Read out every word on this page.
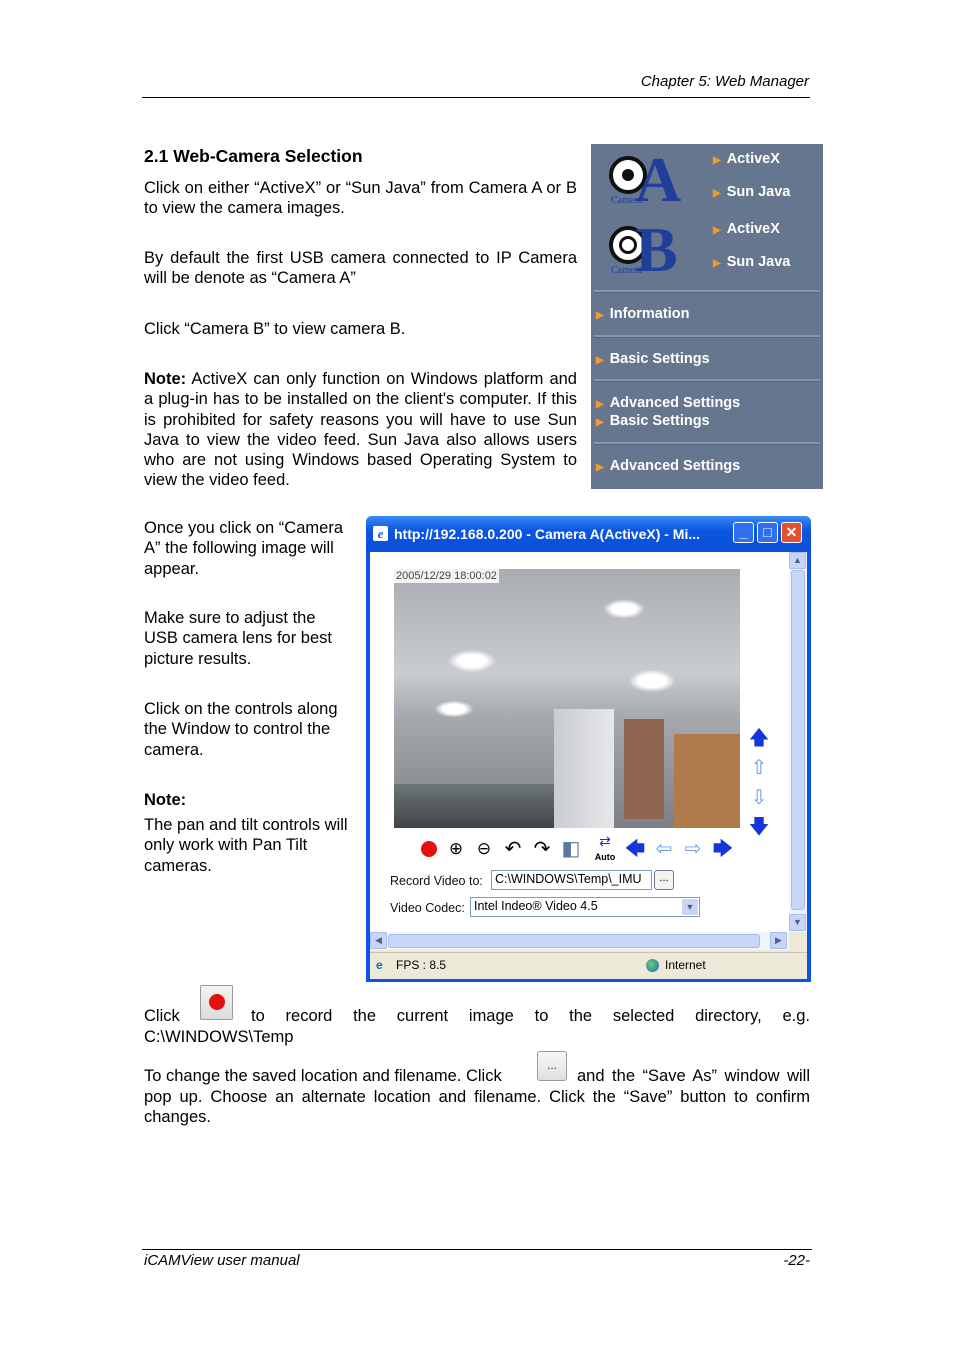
Chapter 5: Web Manager
2.1 Web-Camera Selection

Click on either “ActiveX” or “Sun Java” from Camera A or B to view the camera images.

By default the first USB camera connected to IP Camera will be denote as “Camera A”

Click “Camera B” to view camera B.

Note: ActiveX can only function on Windows platform and a plug-in has to be installed on the client's computer. If this is prohibited for safety reasons you will have to use Sun Java to view the video feed. Sun Java also allows users who are not using Windows based Operating System to view the video feed.

A
Camera
▶ ActiveX
▶ Sun Java
B
Camera
▶ ActiveX
▶ Sun Java
▶ Information
▶ Basic Settings
▶ Advanced Settings
▶ Basic Settings
▶ Advanced Settings

Once you click on “Camera A” the following image will appear.

Make sure to adjust the USB camera lens for best picture results.

Click on the controls along the Window to control the camera.

Note:

The pan and tilt controls will only work with Pan Tilt cameras.

e http://192.168.0.200 - Camera A(ActiveX) - Mi...	_	□ ✕
2005/12/29 18:00:02
🡅
⇧
⇩
🡇
⊕ ⊖ ↶ ↷ ◧	⇄
Auto 🡄 ⇦ ⇨ 🡆
Record Video to: C:\WINDOWS\Temp\_IMU	...
Video Codec: Intel Indeo® Video 4.5	▼
▲
▼
◀	▶
e FPS : 8.5	Internet
Click	to record the current image to the selected directory, e.g.
C:\WINDOWS\Temp
To change the saved location and filename. Click
...
and the “Save As” window will

pop up. Choose an alternate location and filename. Click the “Save” button to confirm changes.

iCAMView user manual	-22-
